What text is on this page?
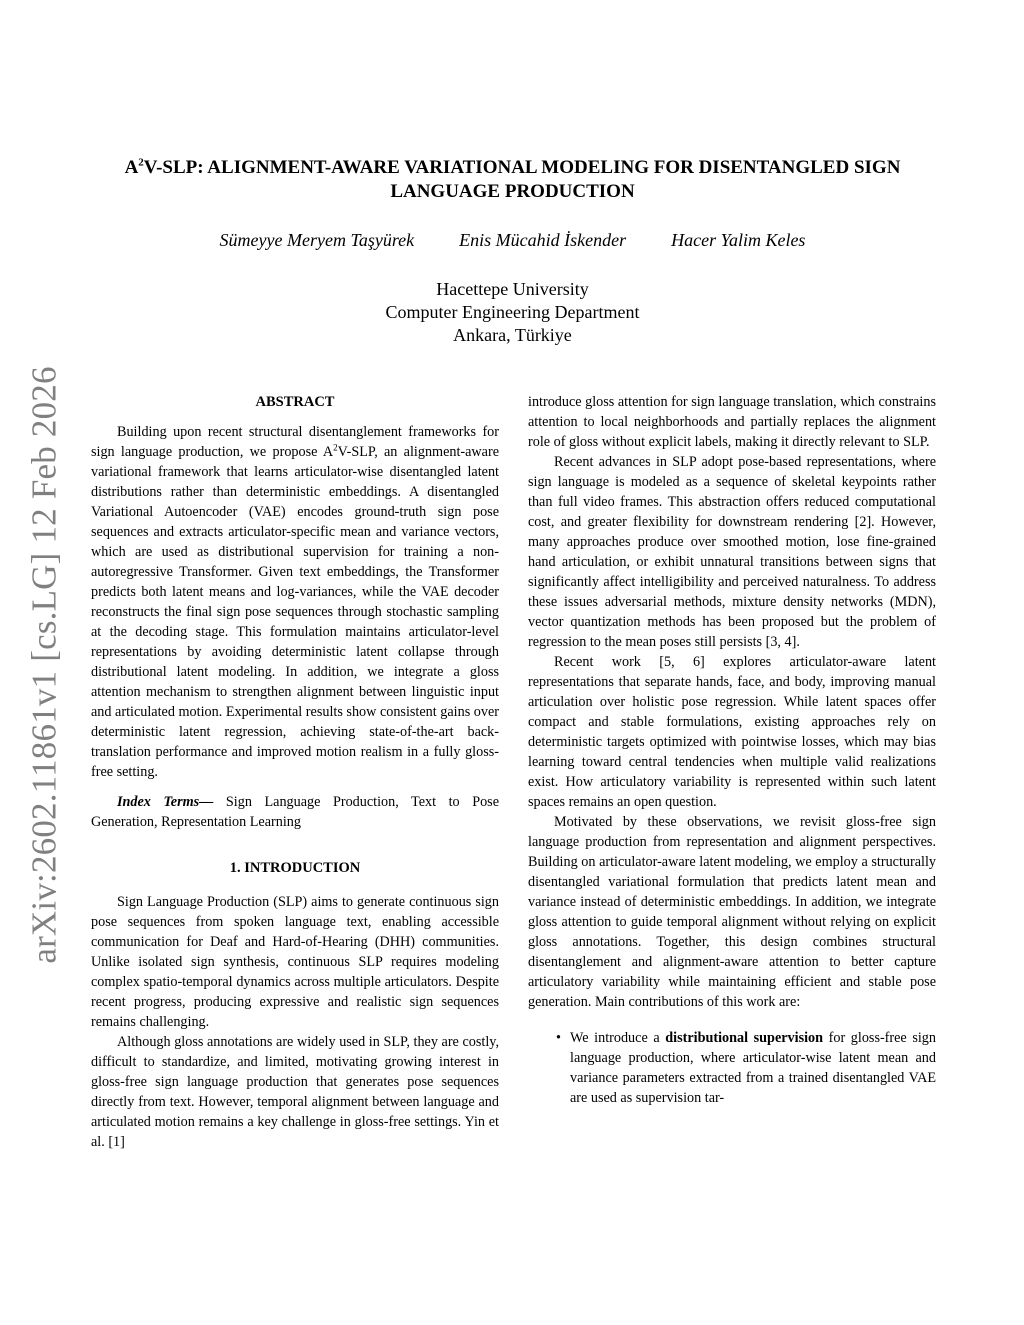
arXiv:2602.11861v1 [cs.LG] 12 Feb 2026
$A^2V$-SLP: ALIGNMENT-AWARE VARIATIONAL MODELING FOR DISENTANGLED SIGN
LANGUAGE PRODUCTION
Sümeyye Meryem Taşyürek	Enis Mücahid İskender	Hacer Yalim Keles
Hacettepe University
Computer Engineering Department
Ankara, Türkiye
ABSTRACT

Building upon recent structural disentanglement frameworks for sign language production, we propose A$^2$V-SLP, an alignment-aware variational framework that learns articulator-wise disentangled latent distributions rather than deterministic embeddings. A disentangled Variational Autoencoder (VAE) encodes ground-truth sign pose sequences and extracts articulator-specific mean and variance vectors, which are used as distributional supervision for training a non-autoregressive Transformer. Given text embeddings, the Transformer predicts both latent means and log-variances, while the VAE decoder reconstructs the final sign pose sequences through stochastic sampling at the decoding stage. This formulation maintains articulator-level representations by avoiding deterministic latent collapse through distributional latent modeling. In addition, we integrate a gloss attention mechanism to strengthen alignment between linguistic input and articulated motion. Experimental results show consistent gains over deterministic latent regression, achieving state-of-the-art back-translation performance and improved motion realism in a fully gloss-free setting.

Index Terms— Sign Language Production, Text to Pose Generation, Representation Learning

1. INTRODUCTION

Sign Language Production (SLP) aims to generate continuous sign pose sequences from spoken language text, enabling accessible communication for Deaf and Hard-of-Hearing (DHH) communities. Unlike isolated sign synthesis, continuous SLP requires modeling complex spatio-temporal dynamics across multiple articulators. Despite recent progress, producing expressive and realistic sign sequences remains challenging.

Although gloss annotations are widely used in SLP, they are costly, difficult to standardize, and limited, motivating growing interest in gloss-free sign language production that generates pose sequences directly from text. However, temporal alignment between language and articulated motion remains a key challenge in gloss-free settings. Yin et al. [1]

introduce gloss attention for sign language translation, which constrains attention to local neighborhoods and partially replaces the alignment role of gloss without explicit labels, making it directly relevant to SLP.

Recent advances in SLP adopt pose-based representations, where sign language is modeled as a sequence of skeletal keypoints rather than full video frames. This abstraction offers reduced computational cost, and greater flexibility for downstream rendering [2]. However, many approaches produce over smoothed motion, lose fine-grained hand articulation, or exhibit unnatural transitions between signs that significantly affect intelligibility and perceived naturalness. To address these issues adversarial methods, mixture density networks (MDN), vector quantization methods has been proposed but the problem of regression to the mean poses still persists [3, 4].

Recent work [5, 6] explores articulator-aware latent representations that separate hands, face, and body, improving manual articulation over holistic pose regression. While latent spaces offer compact and stable formulations, existing approaches rely on deterministic targets optimized with pointwise losses, which may bias learning toward central tendencies when multiple valid realizations exist. How articulatory variability is represented within such latent spaces remains an open question.

Motivated by these observations, we revisit gloss-free sign language production from representation and alignment perspectives. Building on articulator-aware latent modeling, we employ a structurally disentangled variational formulation that predicts latent mean and variance instead of deterministic embeddings. In addition, we integrate gloss attention to guide temporal alignment without relying on explicit gloss annotations. Together, this design combines structural disentanglement and alignment-aware attention to better capture articulatory variability while maintaining efficient and stable pose generation. Main contributions of this work are:

• We introduce a distributional supervision for gloss-free sign language production, where articulator-wise latent mean and variance parameters extracted from a trained disentangled VAE are used as supervision tar-
